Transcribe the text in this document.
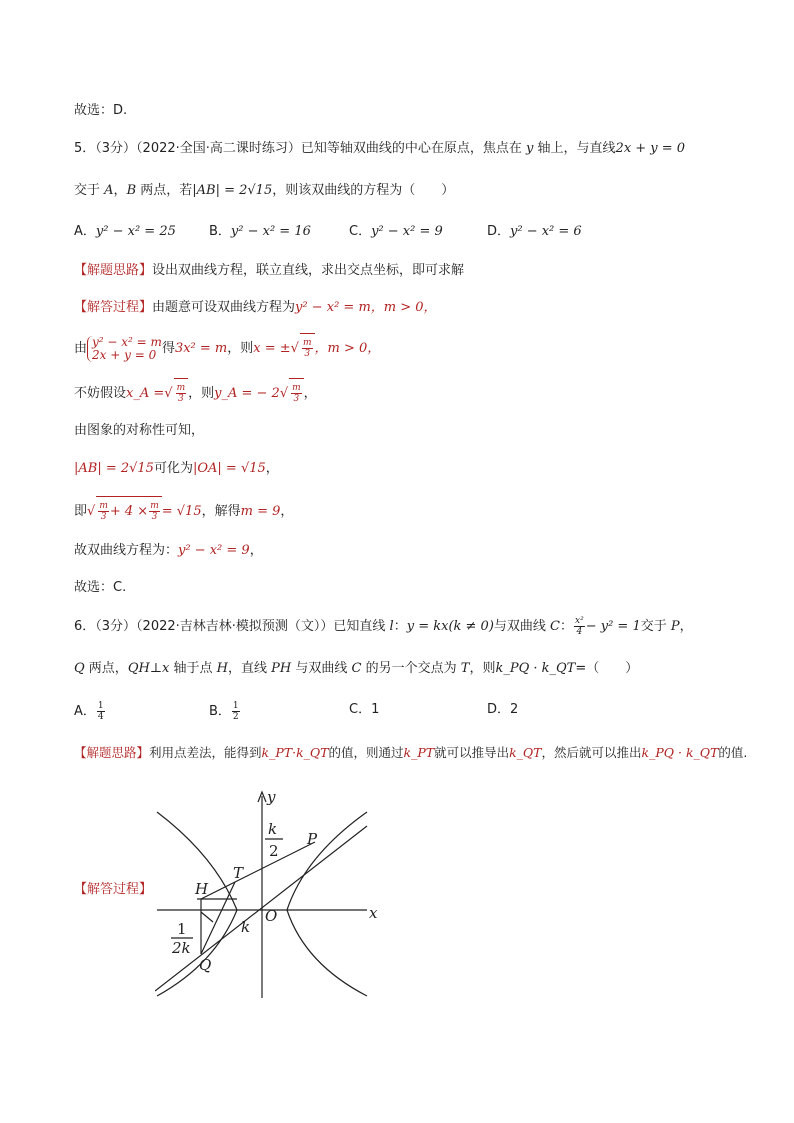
故选：D.
5．（3分）（2022·全国·高二课时练习）已知等轴双曲线的中心在原点，焦点在 y 轴上，与直线2x + y = 0
交于 A，B 两点，若|AB| = 2√15，则该双曲线的方程为（　　）
A．y² − x² = 25	B．y² − x² = 16	C．y² − x² = 9	D．y² − x² = 6
【解题思路】设出双曲线方程，联立直线，求出交点坐标，即可求解
【解答过程】由题意可设双曲线方程为y² − x² = m，m > 0，
由 y² − x² = m
2x + y = 0 得3x² = m，则x = ±√ $\frac{m}{3}$ ，m > 0，
不妨假设x_A =√ $\frac{m}{3}$ ，则y_A = − $2√ \frac{m}{3}$ ，
由图象的对称性可知，
|AB| = 2√15可化为|OA| = √15，
即√ $\frac{m}{3} + 4 \times \frac{m}{3} = √15$，解得m = 9，
故双曲线方程为：y² − x² = 9，
故选：C.
6．（3分）（2022·吉林吉林·模拟预测（文））已知直线 l：y = kx(k ≠ 0)与双曲线 C： $\frac{\text{x²}}{4} - y^2 = 1$交于 P，
Q 两点，QH⊥x 轴于点 H，直线 PH 与双曲线 C 的另一个交点为 T，则k_PQ · k_QT=（　　）
A． $\frac{1}{4}$	B． $\frac{1}{2}$	C．1	D．2
【解题思路】利用点差法，能得到k_PT·k_QT的值，则通过k_PT就可以推导出k_QT，然后就可以推出k_PQ · k_QT的值.
【解答过程】
y
x
O
P
T
H
Q
k
k
2
1
2k
